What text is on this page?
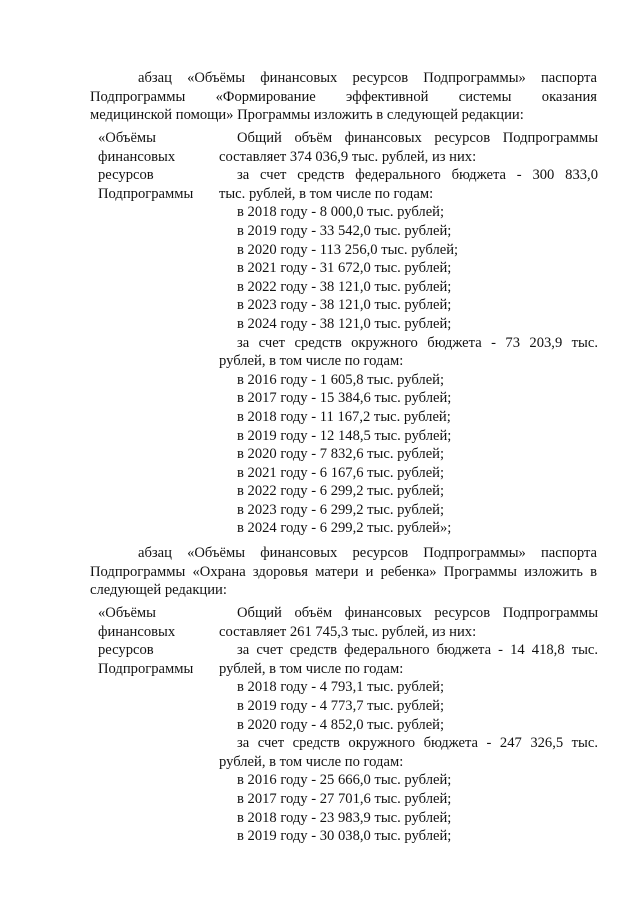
абзац «Объёмы финансовых ресурсов Подпрограммы» паспорта
Подпрограммы «Формирование эффективной системы оказания
медицинской помощи» Программы изложить в следующей редакции:
«Объёмы
финансовых
ресурсов
Подпрограммы
Общий объём финансовых ресурсов Подпрограммы
составляет 374 036,9 тыс. рублей, из них:
за счет средств федерального бюджета - 300 833,0
тыс. рублей, в том числе по годам:
в 2018 году - 8 000,0 тыс. рублей;
в 2019 году - 33 542,0 тыс. рублей;
в 2020 году - 113 256,0 тыс. рублей;
в 2021 году - 31 672,0 тыс. рублей;
в 2022 году - 38 121,0 тыс. рублей;
в 2023 году - 38 121,0 тыс. рублей;
в 2024 году - 38 121,0 тыс. рублей;
за счет средств окружного бюджета - 73 203,9 тыс.
рублей, в том числе по годам:
в 2016 году - 1 605,8 тыс. рублей;
в 2017 году - 15 384,6 тыс. рублей;
в 2018 году - 11 167,2 тыс. рублей;
в 2019 году - 12 148,5 тыс. рублей;
в 2020 году - 7 832,6 тыс. рублей;
в 2021 году - 6 167,6 тыс. рублей;
в 2022 году - 6 299,2 тыс. рублей;
в 2023 году - 6 299,2 тыс. рублей;
в 2024 году - 6 299,2 тыс. рублей»;
абзац «Объёмы финансовых ресурсов Подпрограммы» паспорта
Подпрограммы «Охрана здоровья матери и ребенка» Программы изложить в
следующей редакции:
«Объёмы
финансовых
ресурсов
Подпрограммы
Общий объём финансовых ресурсов Подпрограммы
составляет 261 745,3 тыс. рублей, из них:
за счет средств федерального бюджета - 14 418,8 тыс.
рублей, в том числе по годам:
в 2018 году - 4 793,1 тыс. рублей;
в 2019 году - 4 773,7 тыс. рублей;
в 2020 году - 4 852,0 тыс. рублей;
за счет средств окружного бюджета - 247 326,5 тыс.
рублей, в том числе по годам:
в 2016 году - 25 666,0 тыс. рублей;
в 2017 году - 27 701,6 тыс. рублей;
в 2018 году - 23 983,9 тыс. рублей;
в 2019 году - 30 038,0 тыс. рублей;
